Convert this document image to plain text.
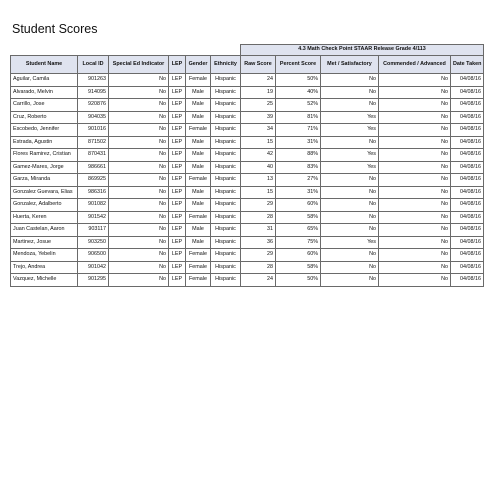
Student Scores
						4.3 Math Check Point STAAR Release Grade 4/113				
Student Name	Local ID	Special Ed Indicator	LEP	Gender	Ethnicity	Raw Score	Percent Score	Met / Satisfactory	Commended / Advanced	Date Taken
Aguilar, Camila	901263	No	LEP	Female	Hispanic	24	50%	No	No	04/08/16
Alvarado, Melvin	914095	No	LEP	Male	Hispanic	19	40%	No	No	04/08/16
Carrillo, Jose	920876	No	LEP	Male	Hispanic	25	52%	No	No	04/08/16
Cruz, Roberto	904035	No	LEP	Male	Hispanic	39	81%	Yes	No	04/08/16
Escobedo, Jennifer	901016	No	LEP	Female	Hispanic	34	71%	Yes	No	04/08/16
Estrada, Agustin	871502	No	LEP	Male	Hispanic	15	31%	No	No	04/08/16
Flores Ramirez, Cristian	870431	No	LEP	Male	Hispanic	42	88%	Yes	No	04/08/16
Gamez-Mares, Jorge	986661	No	LEP	Male	Hispanic	40	83%	Yes	No	04/08/16
Garza, Miranda	869925	No	LEP	Female	Hispanic	13	27%	No	No	04/08/16
Gonzalez Guevara, Elias	986316	No	LEP	Male	Hispanic	15	31%	No	No	04/08/16
Gonzalez, Adalberto	901082	No	LEP	Male	Hispanic	29	60%	No	No	04/08/16
Huerta, Keren	901542	No	LEP	Female	Hispanic	28	58%	No	No	04/08/16
Juan Castelan, Aaron	903117	No	LEP	Male	Hispanic	31	65%	No	No	04/08/16
Martinez, Josue	903250	No	LEP	Male	Hispanic	36	75%	Yes	No	04/08/16
Mendoza, Yebelin	906500	No	LEP	Female	Hispanic	29	60%	No	No	04/08/16
Trejo, Andrea	901042	No	LEP	Female	Hispanic	28	58%	No	No	04/08/16
Vazquez, Michelle	901295	No	LEP	Female	Hispanic	24	50%	No	No	04/08/16
